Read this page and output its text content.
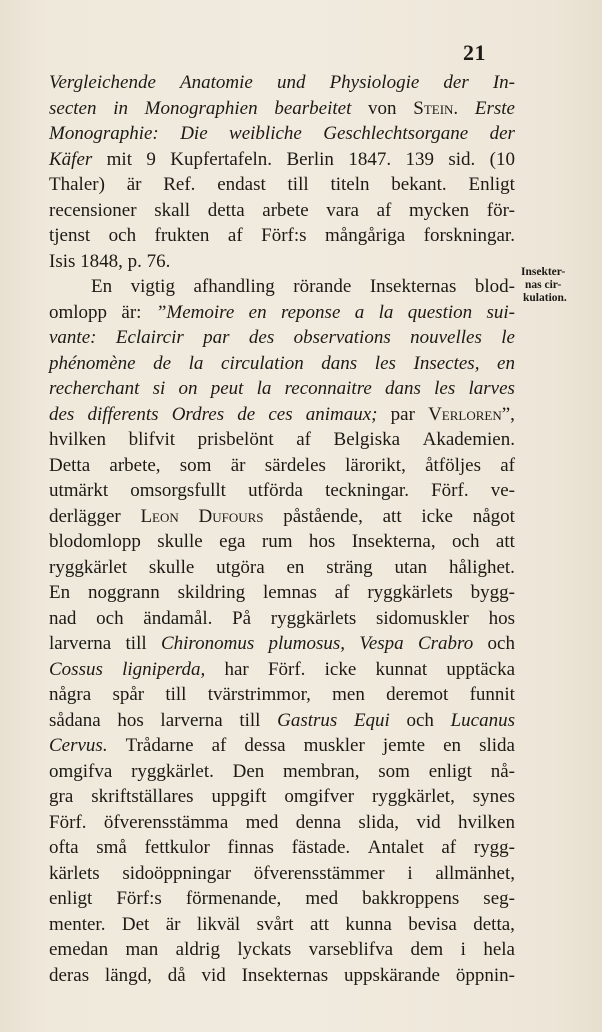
21
Vergleichende Anatomie und Physiologie der In-
secten in Monographien bearbeitet von Stein. Erste
Monographie: Die weibliche Geschlechtsorgane der
Käfer mit 9 Kupfertafeln. Berlin 1847. 139 sid. (10
Thaler) är Ref. endast till titeln bekant. Enligt
recensioner skall detta arbete vara af mycken för-
tjenst och frukten af Förf:s mångåriga forskningar.
Isis
1848,
p.
76.
En vigtig afhandling rörande Insekternas blod-
omlopp är: ”Memoire en reponse a la question sui-
vante: Eclaircir par des observations nouvelles le
phénomène de la circulation dans les Insectes, en
recherchant si on peut la reconnaitre dans les larves
des differents Ordres de ces animaux; par Verloren”,
hvilken blifvit prisbelönt af Belgiska Akademien.
Detta arbete, som är särdeles lärorikt, åtföljes af
utmärkt omsorgsfullt utförda teckningar. Förf. ve-
derlägger Leon Dufours påstående, att icke något
blodomlopp skulle ega rum hos Insekterna, och att
ryggkärlet skulle utgöra en sträng utan hålighet.
En noggrann skildring lemnas af ryggkärlets bygg-
nad och ändamål. På ryggkärlets sidomuskler hos
larverna till Chironomus plumosus, Vespa Crabro och
Cossus ligniperda, har Förf. icke kunnat upptäcka
några spår till tvärstrimmor, men deremot funnit
sådana hos larverna till Gastrus Equi och Lucanus
Cervus. Trådarne af dessa muskler jemte en slida
omgifva ryggkärlet. Den membran, som enligt nå-
gra skriftställares uppgift omgifver ryggkärlet, synes
Förf. öfverensstämma med denna slida, vid hvilken
ofta små fettkulor finnas fästade. Antalet af rygg-
kärlets sidoöppningar öfverensstämmer i allmänhet,
enligt Förf:s förmenande, med bakkroppens seg-
menter. Det är likväl svårt att kunna bevisa detta,
emedan man aldrig lyckats varseblifva dem i hela
deras längd, då vid Insekternas uppskärande öppnin-
Insekter-
nas cir-
kulation.
